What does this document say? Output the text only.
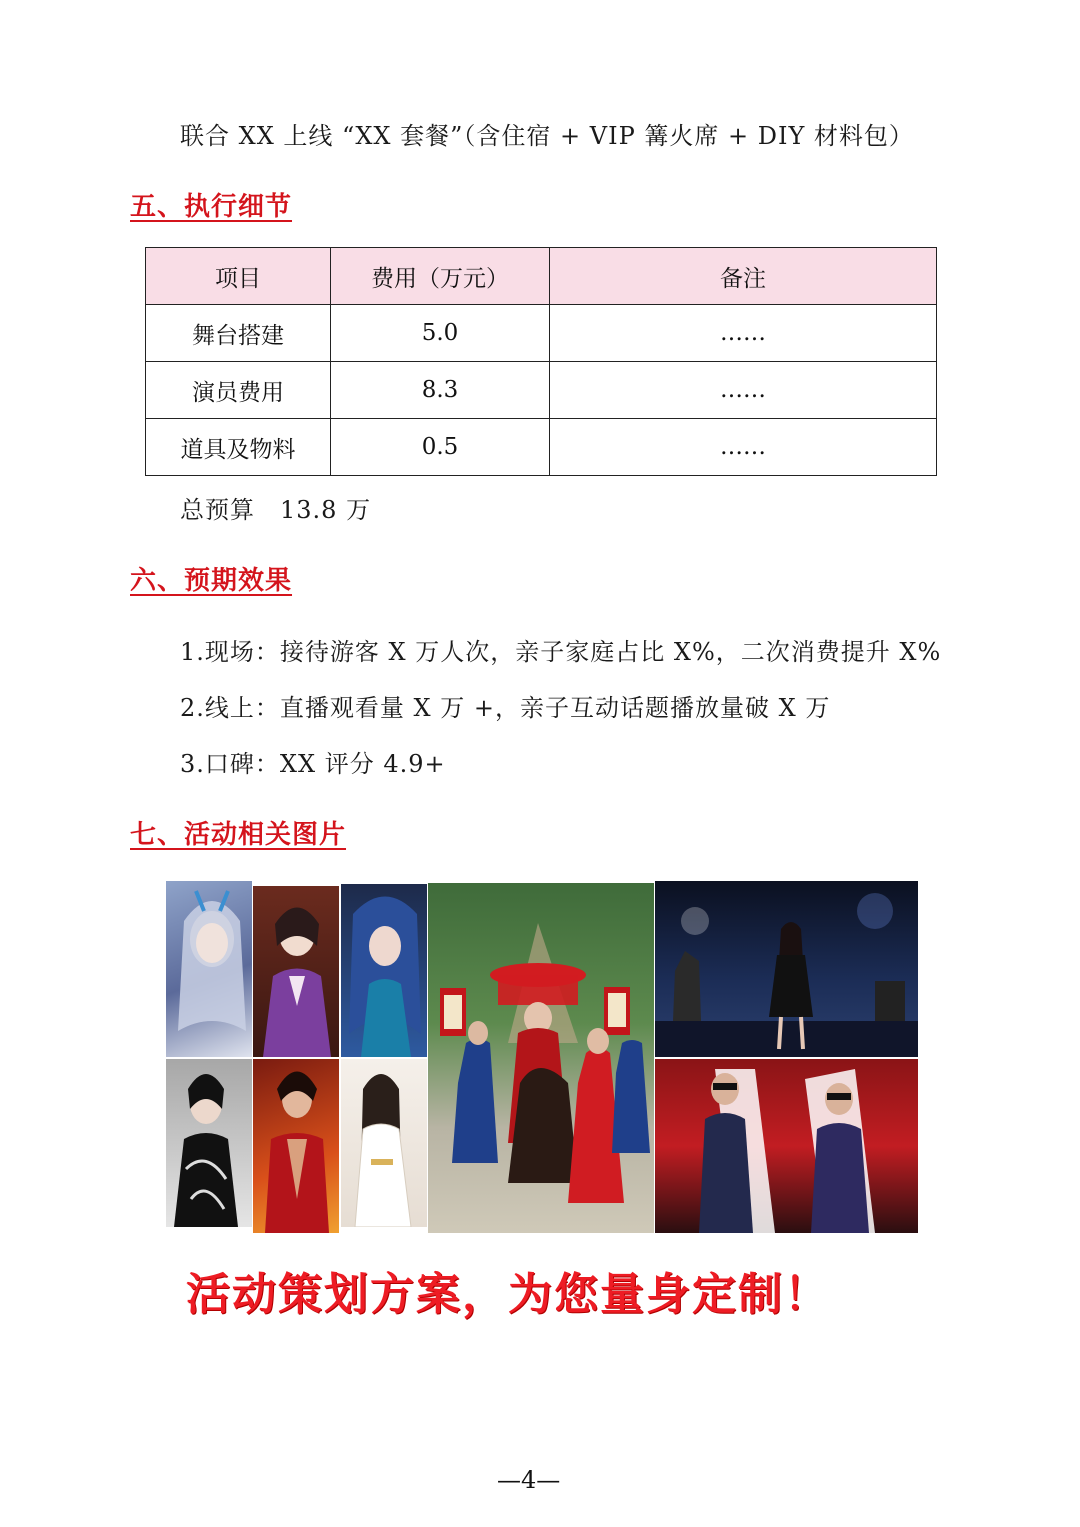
联合 XX 上线 “XX 套餐”（含住宿 + VIP 篝火席 + DIY 材料包）
五、执行细节
项目	费用（万元）	备注
舞台搭建	5.0	……
演员费用	8.3	……
道具及物料	0.5	……
总预算　13.8 万
六、预期效果
1.现场：接待游客 X 万人次，亲子家庭占比 X%，二次消费提升 X%
2.线上：直播观看量 X 万 +，亲子互动话题播放量破 X 万
3.口碑：XX 评分 4.9+
七、活动相关图片
活动策划方案，为您量身定制！
—4—
